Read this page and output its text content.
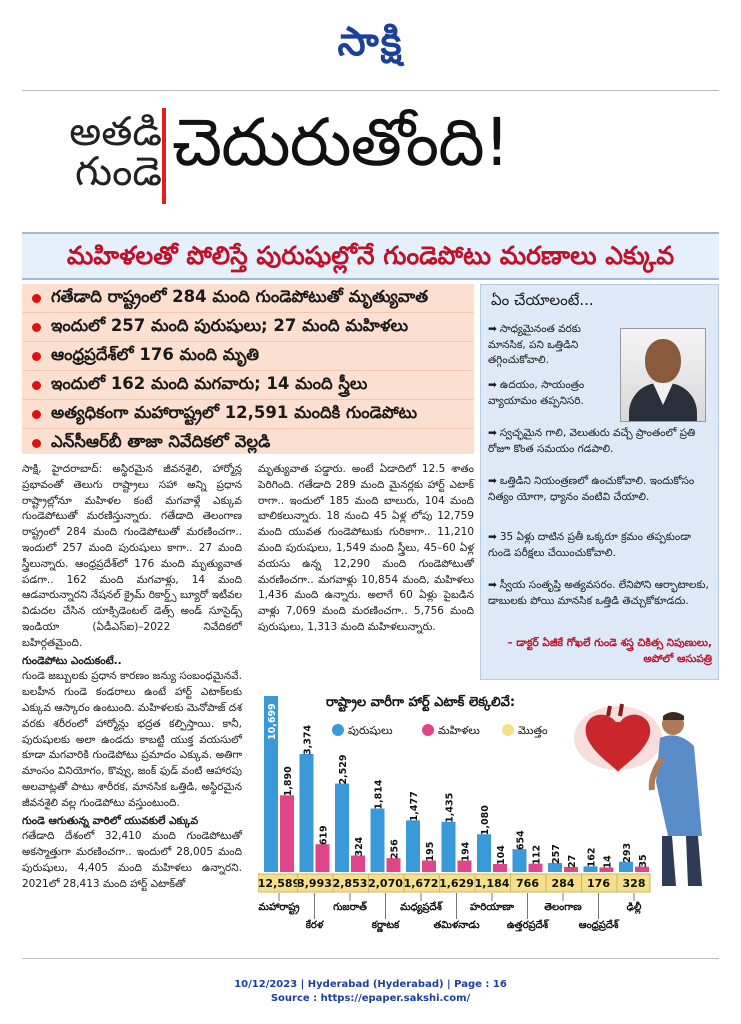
సాక్షి
అతడి
గుండె చెదురుతోంది!
మహిళలతో పోలిస్తే పురుషుల్లోనే గుండెపోటు మరణాలు ఎక్కువ
గతేడాది రాష్ట్రంలో 284 మంది గుండెపోటుతో మృత్యువాత
ఇందులో 257 మంది పురుషులు; 27 మంది మహిళలు
ఆంధ్రప్రదేశ్‌లో 176 మంది మృతి
ఇందులో 162 మంది మగవారు; 14 మంది స్త్రీలు
అత్యధికంగా మహారాష్ట్రలో 12,591 మందికి గుండెపోటు
ఎన్‌సీఆర్‌బీ తాజా నివేదికలో వెల్లడి
ఏం చేయాలంటే...
➡ సాధ్యమైనంత వరకు మానసిక, పని ఒత్తిడిని తగ్గించుకోవాలి.
➡ ఉదయం, సాయంత్రం వ్యాయామం తప్పనిసరి.
➡ స్వచ్ఛమైన గాలి, వెలుతురు వచ్చే ప్రాంతంలో ప్రతి రోజూ కొంత సమయం గడపాలి.
➡ ఒత్తిడిని నియంత్రణలో ఉంచుకోవాలి. ఇందుకోసం నిత్యం యోగా, ధ్యానం వంటివి చేయాలి.
➡ 35 ఏళ్లు దాటిన ప్రతీ ఒక్కరూ క్రమం తప్పకుండా గుండె పరీక్షలు చేయించుకోవాలి.
➡ స్వీయ సంతృప్తి అత్యవసరం. లేనిపోని ఆర్భాటాలకు, డాబులకు పోయి మానసిక ఒత్తిడి తెచ్చుకోకూడదు.
– డాక్టర్‌ ఏజీకే గోఖలే గుండె శస్త్ర చికిత్స నిపుణులు, అపోలో ఆసుపత్రి
సాక్షి, హైదరాబాద్‌: అస్థిరమైన జీవనశైలి, హార్మోన్ల ప్రభావంతో తెలుగు రాష్ట్రాలు సహా అన్ని ప్రధాన రాష్ట్రాల్లోనూ మహిళల కంటే మగవాళ్లే ఎక్కువ గుండెపోటుతో మరణిస్తున్నారు. గతేడాది తెలంగాణ రాష్ట్రంలో 284 మంది గుండెపోటుతో మరణించగా.. ఇందులో 257 మంది పురుషులు కాగా.. 27 మంది స్త్రీలున్నారు. ఆంధ్రప్రదేశ్‌లో 176 మంది మృత్యువాత పడగా.. 162 మంది మగవాళ్లు, 14 మంది ఆడవారున్నారని నేషనల్‌ క్రైమ్‌ రికార్డ్స్‌ బ్యూరో ఇటీవల విడుదల చేసిన యాక్సిడెంటల్‌ డెత్స్‌ అండ్‌ సూసైడ్స్‌ ఇండియా (ఏడీఎస్‌ఐ)–2022 నివేదికలో బహిర్గతమైంది.
గుండెపోటు ఎందుకంటే..
గుండె జబ్బులకు ప్రధాన కారణం జన్యు సంబంధమైనవే. బలహీన గుండె కండరాలు ఉంటే హార్ట్‌ ఎటాక్‌లకు ఎక్కువ ఆస్కారం ఉంటుంది. మహిళలకు మెనోపాజ్‌ దశ వరకు శరీరంలో హార్మోన్లు భద్రత కల్పిస్తాయి. కానీ, పురుషులకు అలా ఉండదు కాబట్టి యుక్త వయసులో కూడా మగవారికి గుండెపోటు ప్రమాదం ఎక్కువ. అతిగా మాంసం వినియోగం, కొవ్వు, జంక్‌ ఫుడ్‌ వంటి ఆహారపు అలవాట్లతో పాటు శారీరక, మానసిక ఒత్తిడి, అస్థిరమైన జీవనశైలి వల్ల గుండెపోటు వస్తుంటుంది.
గుండె ఆగుతున్న వారిలో యువకులే ఎక్కువ
గతేడాది దేశంలో 32,410 మంది గుండెపోటుతో అకస్మాత్తుగా మరణించగా.. ఇందులో 28,005 మంది పురుషులు, 4,405 మంది మహిళలు ఉన్నారని. 2021లో 28,413 మంది హార్ట్‌ ఎటాక్‌తో
మృత్యువాత పడ్డారు. అంటే ఏడాదిలో 12.5 శాతం పెరిగింది. గతేడాది 289 మంది మైనర్లకు హార్ట్‌ ఎటాక్‌ రాగా.. ఇందులో 185 మంది బాలురు, 104 మంది బాలికలున్నారు. 18 నుంచి 45 ఏళ్ల లోపు 12,759 మంది యువత గుండెపోటుకు గురికాగా.. 11,210 మంది పురుషులు, 1,549 మంది స్త్రీలు, 45–60 ఏళ్ల వయసు ఉన్న 12,290 మంది గుండెపోటుతో మరణించగా.. మగవాళ్లు 10,854 మంది, మహిళలు 1,436 మంది ఉన్నారు. అలాగే 60 ఏళ్లు పైబడిన వాళ్లు 7,069 మంది మరణించగా.. 5,756 మంది పురుషులు, 1,313 మంది మహిళలున్నారు.
రాష్ట్రాల వారీగా హార్ట్‌ ఎటాక్‌ లెక్కలివే:
పురుషులు	మహిళలు	మొత్తం
10,699
1,890
3,374
619
2,529
324
1,814
256
1,477
195
1,435
194
1,080
104
654
112 257 27 162 14 293 35
12,589
3,993 2,853 2,070 1,672 1,629 1,184 766 284 176 328
మహారాష్ట్ర
కేరళ
గుజరాత్‌
కర్ణాటక
మధ్యప్రదేశ్‌
తమిళనాడు
హరియాణా
ఉత్తరప్రదేశ్‌
తెలంగాణ
ఆంధ్రప్రదేశ్‌
ఢిల్లీ
10/12/2023 | Hyderabad (Hyderabad) | Page : 16
Source : https://epaper.sakshi.com/
